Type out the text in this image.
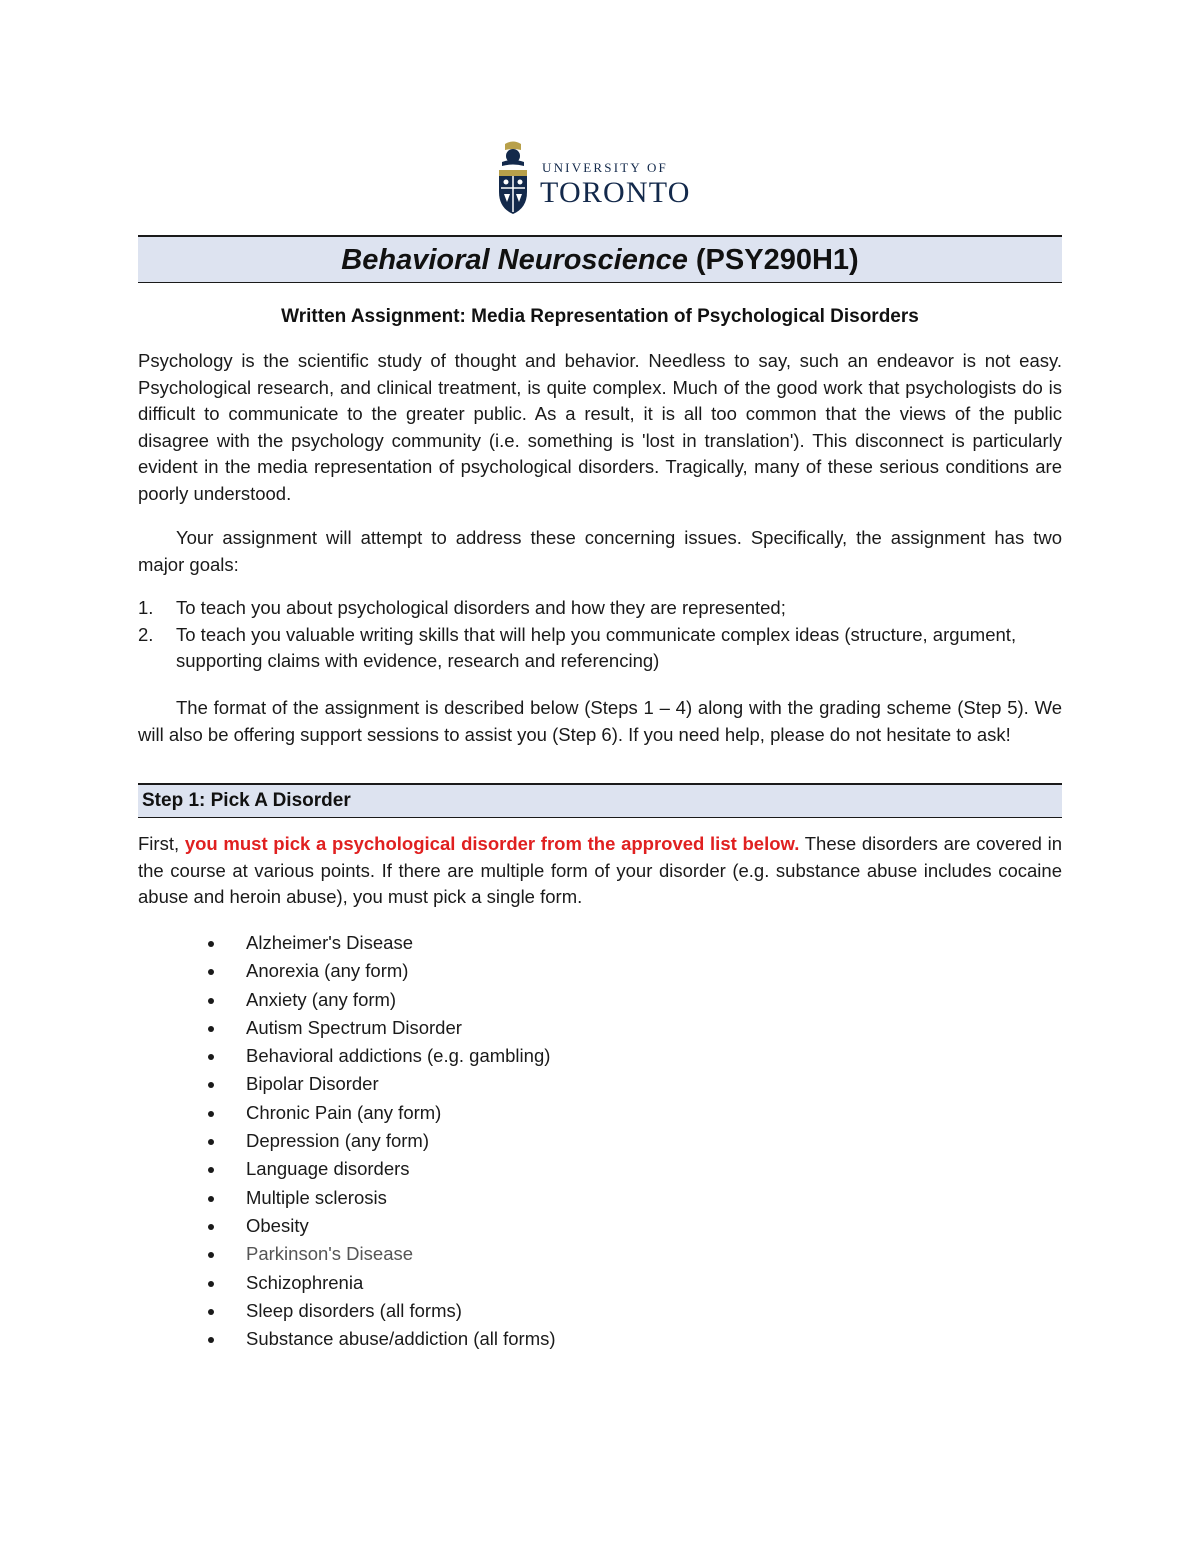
UNIVERSITY OF
TORONTO
Behavioral Neuroscience (PSY290H1)
Written Assignment: Media Representation of Psychological Disorders

Psychology is the scientific study of thought and behavior. Needless to say, such an endeavor is not easy. Psychological research, and clinical treatment, is quite complex. Much of the good work that psychologists do is difficult to communicate to the greater public. As a result, it is all too common that the views of the public disagree with the psychology community (i.e. something is 'lost in translation'). This disconnect is particularly evident in the media representation of psychological disorders. Tragically, many of these serious conditions are poorly understood.

Your assignment will attempt to address these concerning issues. Specifically, the assignment has two major goals:

1. To teach you about psychological disorders and how they are represented;
2. To teach you valuable writing skills that will help you communicate complex ideas (structure, argument, supporting claims with evidence, research and referencing)

The format of the assignment is described below (Steps 1 – 4) along with the grading scheme (Step 5). We will also be offering support sessions to assist you (Step 6). If you need help, please do not hesitate to ask!

Step 1: Pick A Disorder

First, you must pick a psychological disorder from the approved list below. These disorders are covered in the course at various points. If there are multiple form of your disorder (e.g. substance abuse includes cocaine abuse and heroin abuse), you must pick a single form.

Alzheimer's Disease
Anorexia (any form)
Anxiety (any form)
Autism Spectrum Disorder
Behavioral addictions (e.g. gambling)
Bipolar Disorder
Chronic Pain (any form)
Depression (any form)
Language disorders
Multiple sclerosis
Obesity
Parkinson's Disease
Schizophrenia
Sleep disorders (all forms)
Substance abuse/addiction (all forms)
